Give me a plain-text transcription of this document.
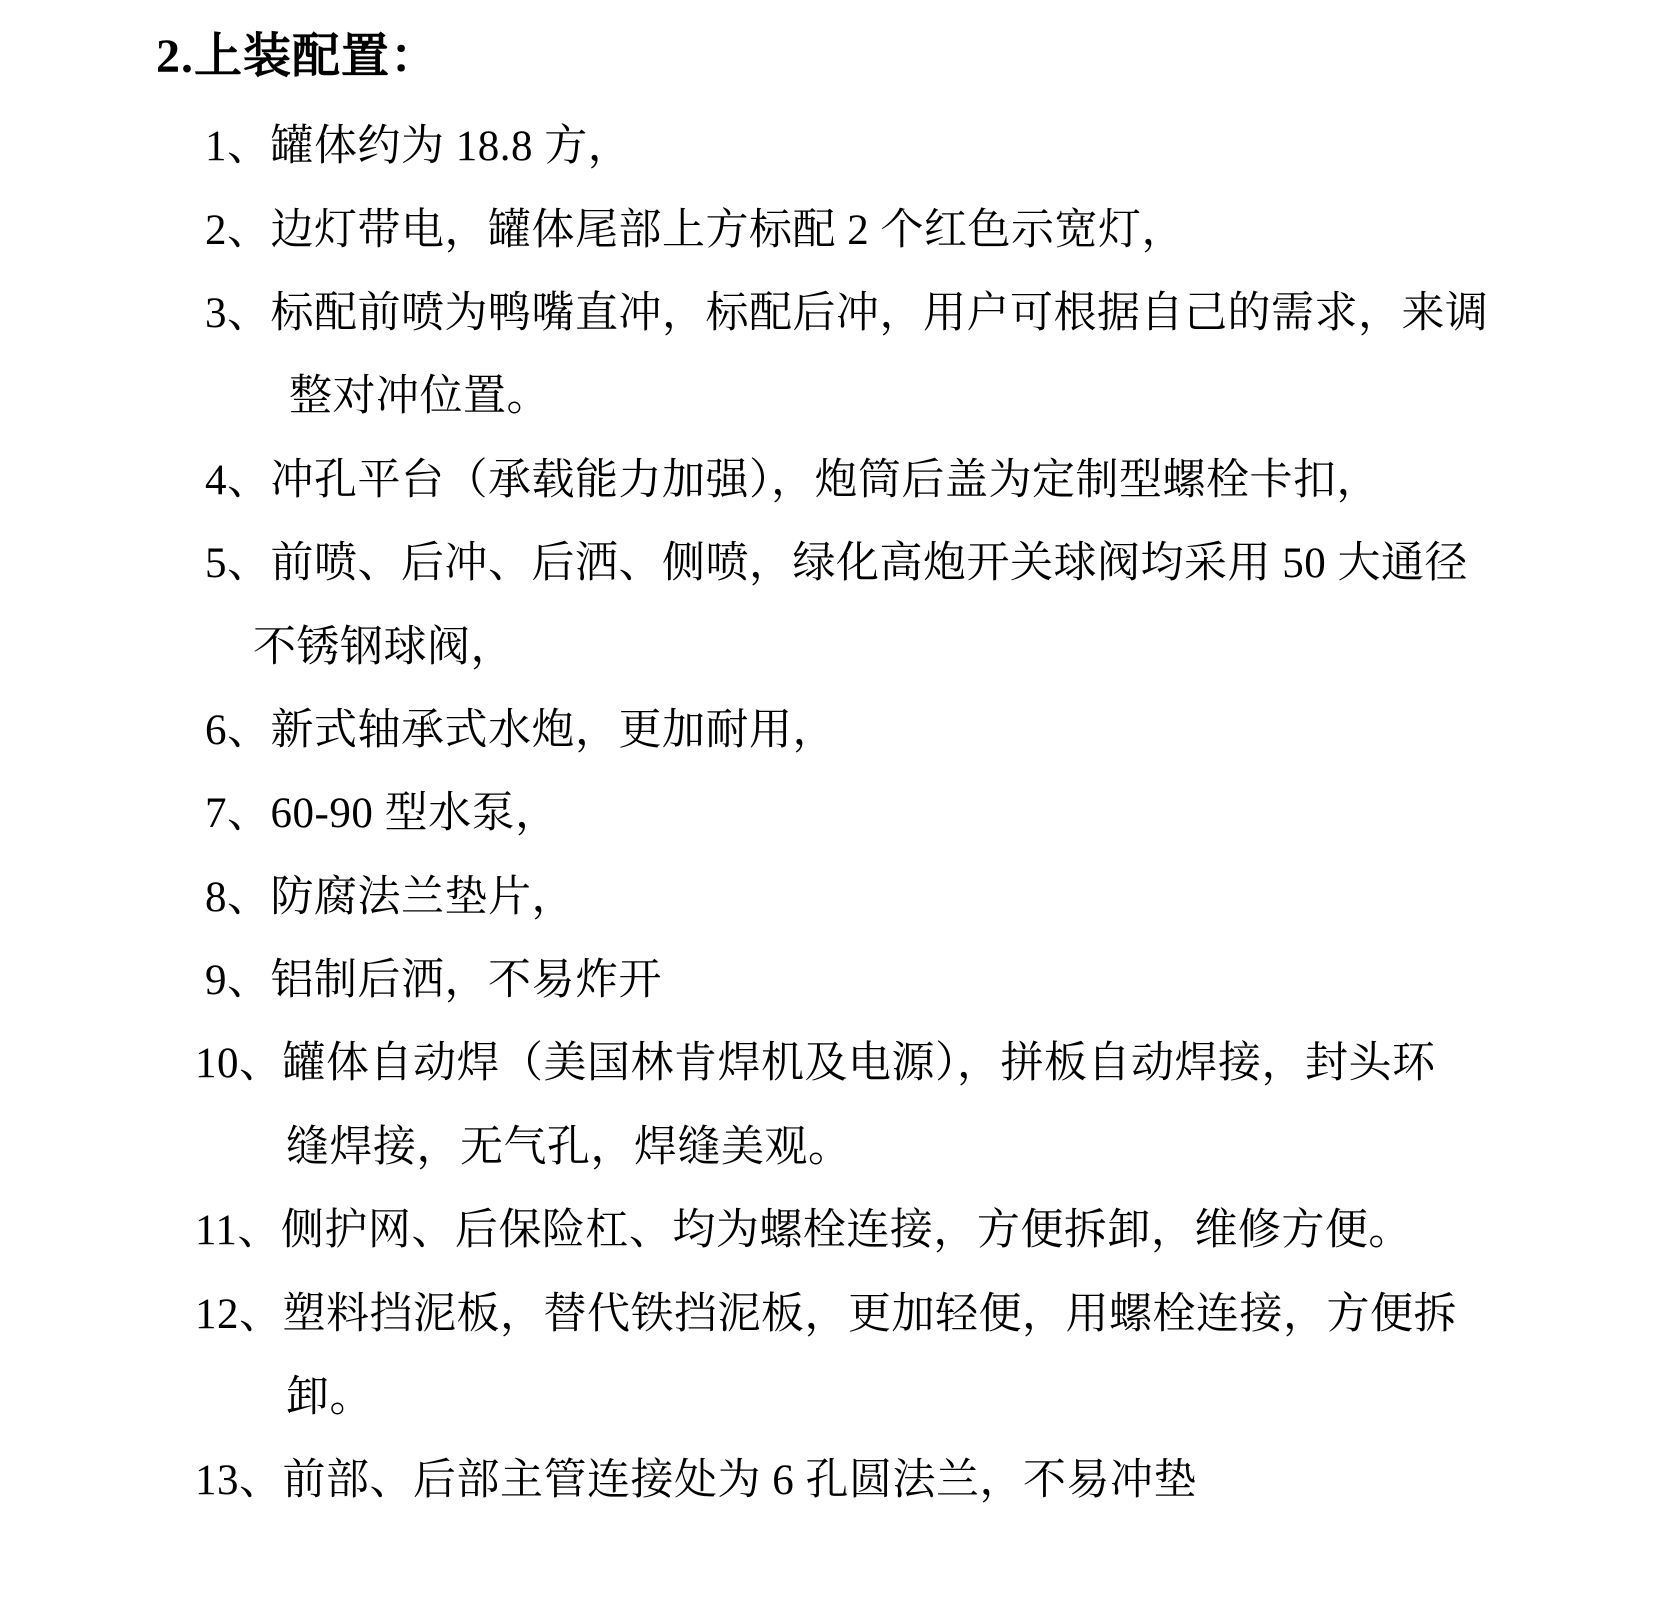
2.上装配置：
1、罐体约为 18.8 方，
2、边灯带电，罐体尾部上方标配 2 个红色示宽灯，
3、标配前喷为鸭嘴直冲，标配后冲，用户可根据自己的需求，来调
整对冲位置。
4、冲孔平台（承载能力加强），炮筒后盖为定制型螺栓卡扣，
5、前喷、后冲、后洒、侧喷，绿化高炮开关球阀均采用 50 大通径
不锈钢球阀，
6、新式轴承式水炮，更加耐用，
7、60-90 型水泵，
8、防腐法兰垫片，
9、铝制后洒，不易炸开
10、罐体自动焊（美国林肯焊机及电源），拼板自动焊接，封头环
缝焊接，无气孔，焊缝美观。
11、侧护网、后保险杠、均为螺栓连接，方便拆卸，维修方便。
12、塑料挡泥板，替代铁挡泥板，更加轻便，用螺栓连接，方便拆
卸。
13、前部、后部主管连接处为 6 孔圆法兰，不易冲垫
